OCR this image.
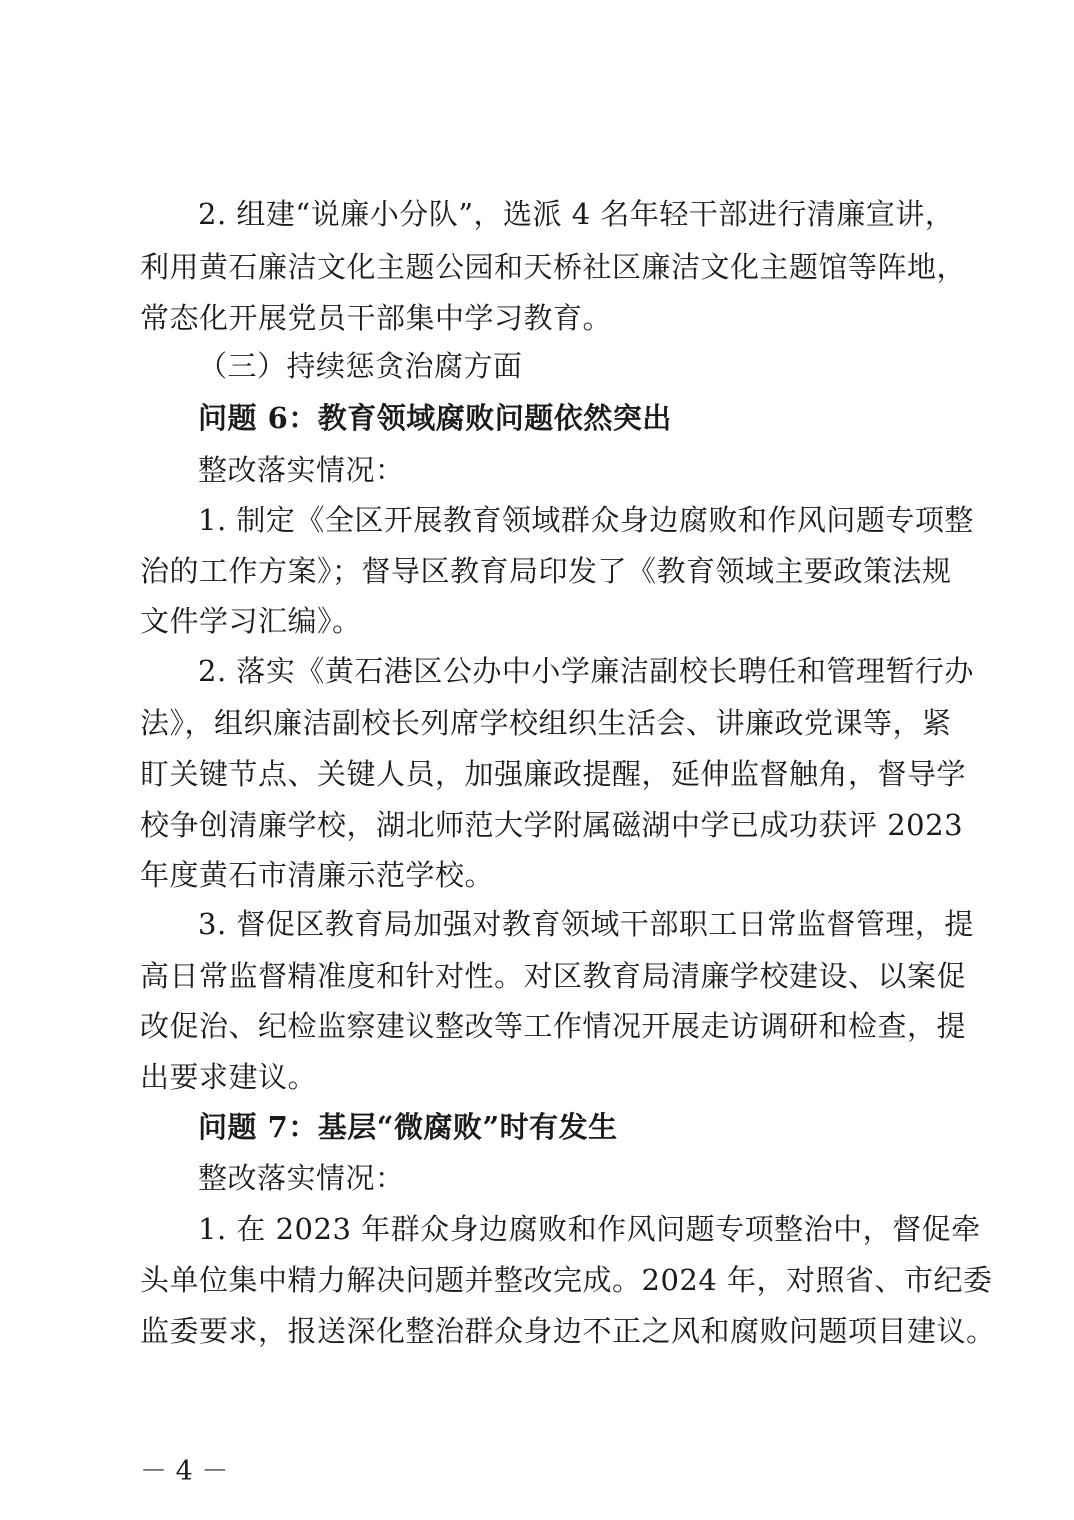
2. 组建“说廉小分队”，选派 4 名年轻干部进行清廉宣讲，
利用黄石廉洁文化主题公园和天桥社区廉洁文化主题馆等阵地，
常态化开展党员干部集中学习教育。
（三）持续惩贪治腐方面
问题 6：教育领域腐败问题依然突出
整改落实情况：
1. 制定《全区开展教育领域群众身边腐败和作风问题专项整
治的工作方案》；督导区教育局印发了《教育领域主要政策法规
文件学习汇编》。
2. 落实《黄石港区公办中小学廉洁副校长聘任和管理暂行办
法》，组织廉洁副校长列席学校组织生活会、讲廉政党课等，紧
盯关键节点、关键人员，加强廉政提醒，延伸监督触角，督导学
校争创清廉学校，湖北师范大学附属磁湖中学已成功获评 2023
年度黄石市清廉示范学校。
3. 督促区教育局加强对教育领域干部职工日常监督管理，提
高日常监督精准度和针对性。对区教育局清廉学校建设、以案促
改促治、纪检监察建议整改等工作情况开展走访调研和检查，提
出要求建议。
问题 7：基层“微腐败”时有发生
整改落实情况：
1. 在 2023 年群众身边腐败和作风问题专项整治中，督促牵
头单位集中精力解决问题并整改完成。2024 年，对照省、市纪委
监委要求，报送深化整治群众身边不正之风和腐败问题项目建议。
－ 4 －
